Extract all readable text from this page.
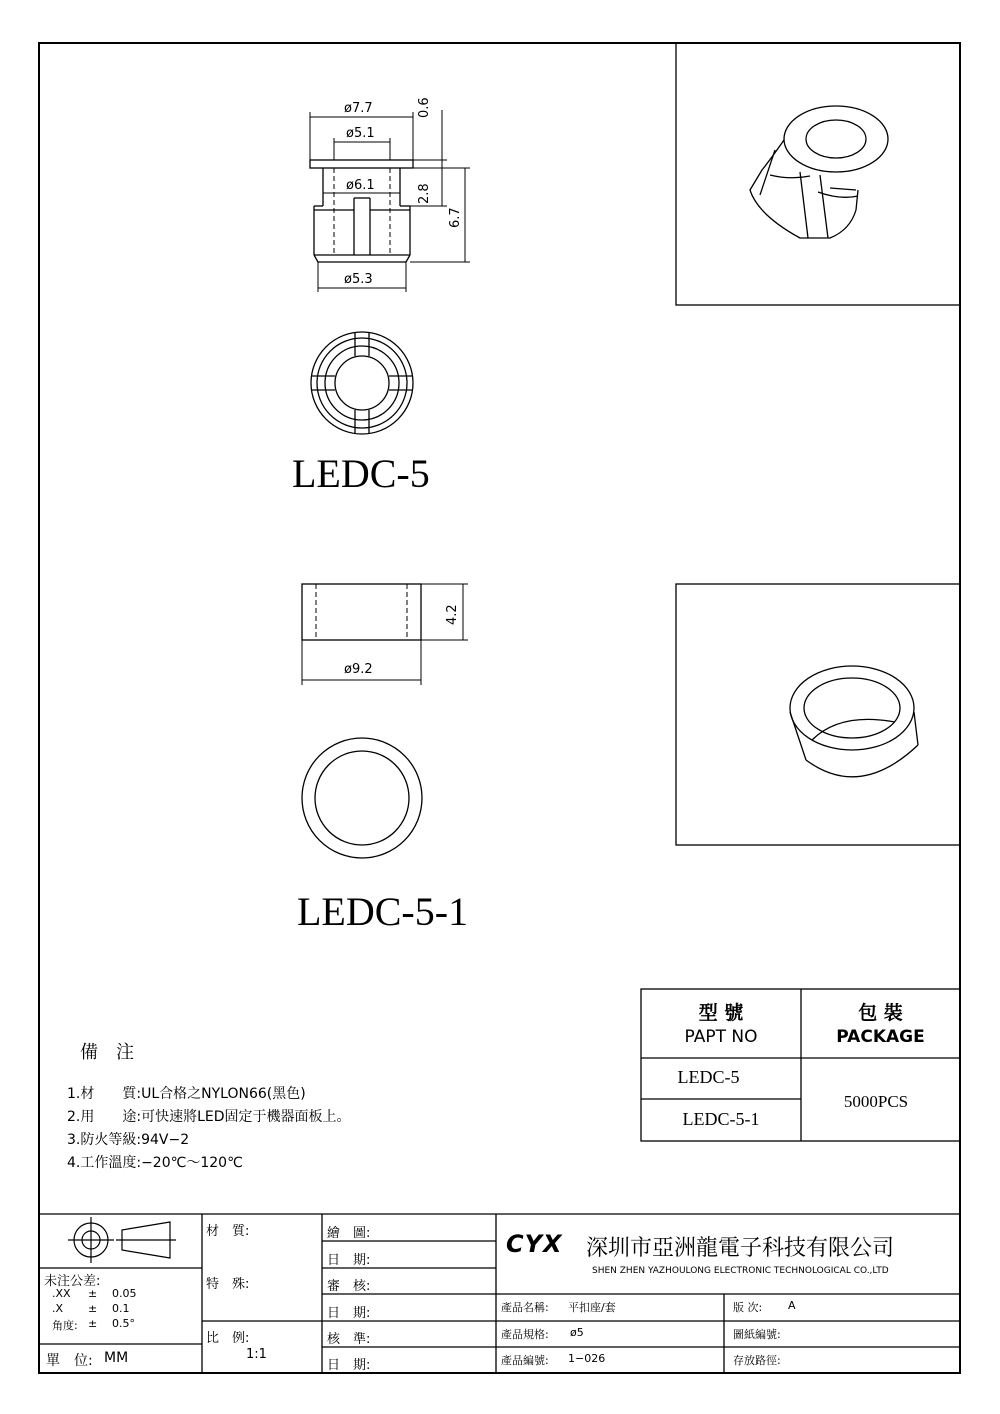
ø7.7
ø5.1
ø6.1
ø5.3
0.6
2.8
6.7
LEDC-5
ø9.2
4.2
LEDC-5-1
備　注
1.材　　質:UL合格之NYLON66(黑色)
2.用　　途:可快速將LED固定于機器面板上。
3.防火等級:94V−2
4.工作溫度:−20℃～120℃
型 號
PAPT NO
包 裝
PACKAGE
LEDC-5
LEDC-5-1
5000PCS
未注公差:
.XX ± 0.05
.X ± 0.1
角度: ± 0.5°
單　位: MM
材　質:
特　殊:
比　例:
1:1
繪　圖:
日　期:
審　核:
日　期:
核　準:
日　期:
CYX 深圳市亞洲龍電子科技有限公司
SHEN ZHEN YAZHOULONG ELECTRONIC TECHNOLOGICAL CO.,LTD
產品名稱: 平扣座/套
產品規格: ø5
產品編號: 1−026
版 次: A
圖紙編號:
存放路徑:
